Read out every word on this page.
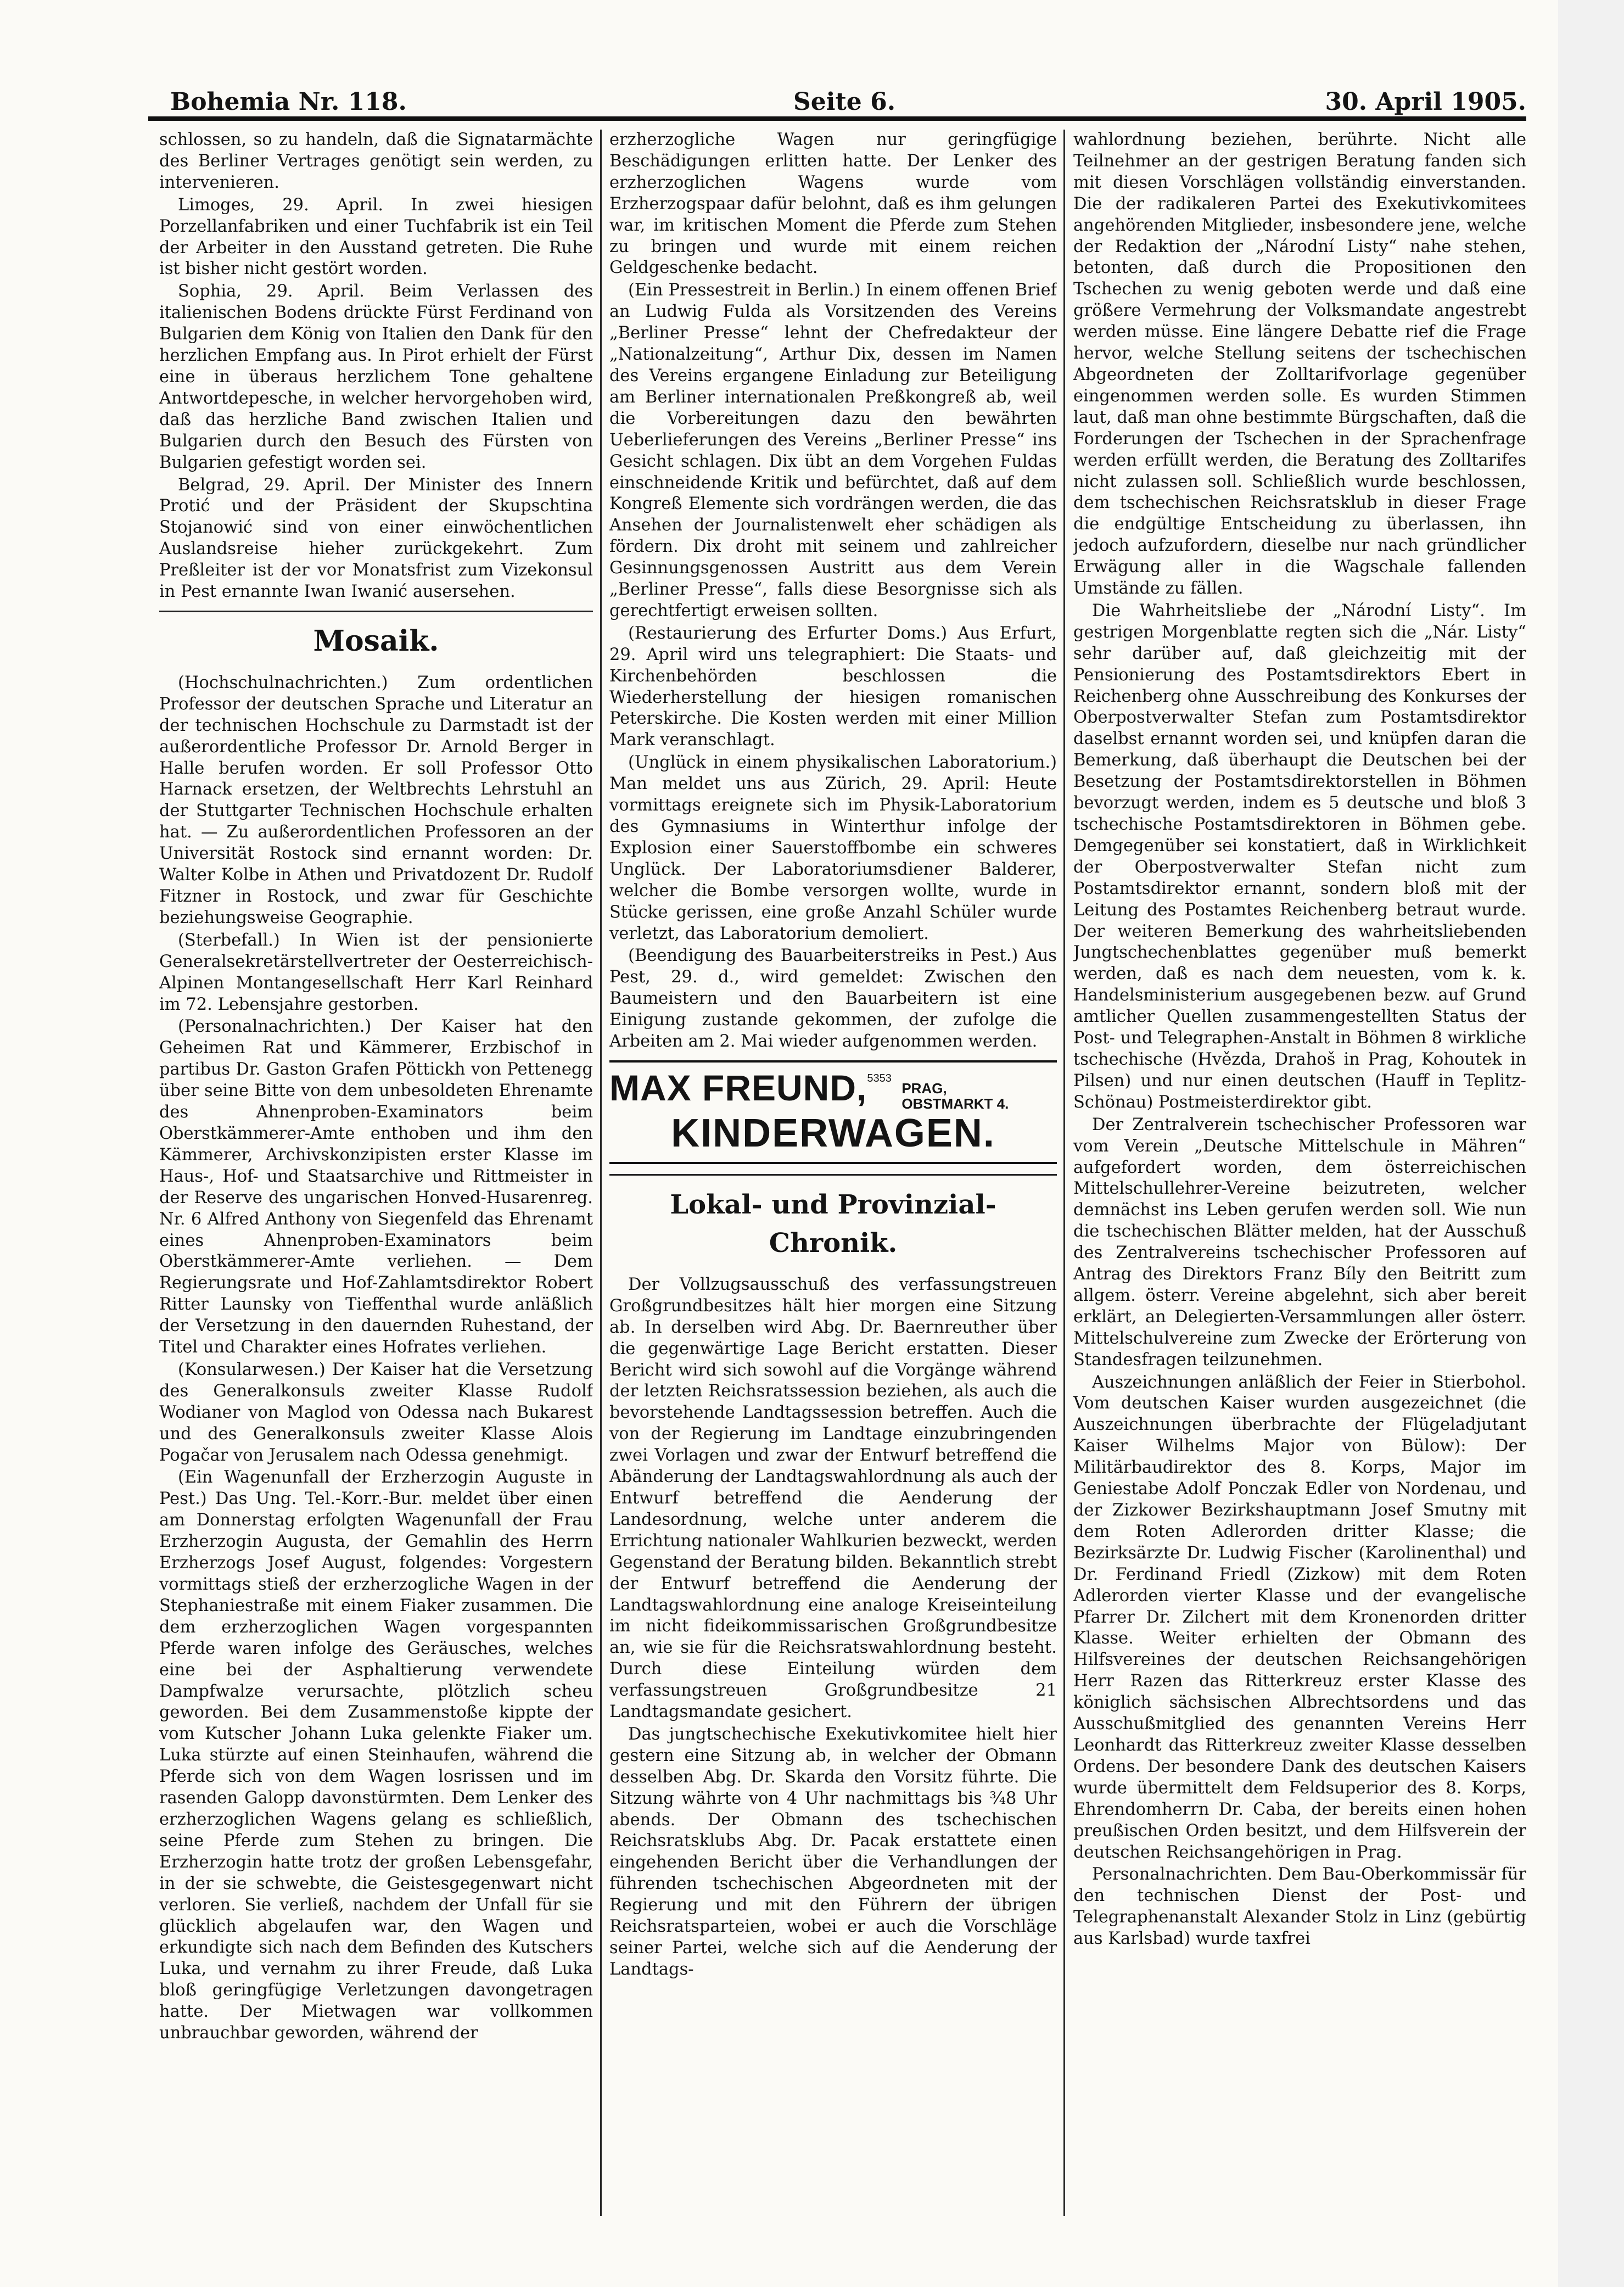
Bohemia Nr. 118.	Seite 6.	30. April 1905.

schlossen, so zu handeln, daß die Signatarmächte des Berliner Vertrages genötigt sein werden, zu intervenieren.

Limoges, 29. April. In zwei hiesigen Porzellanfabriken und einer Tuchfabrik ist ein Teil der Arbeiter in den Ausstand getreten. Die Ruhe ist bisher nicht gestört worden.

Sophia, 29. April. Beim Verlassen des italienischen Bodens drückte Fürst Ferdinand von Bulgarien dem König von Italien den Dank für den herzlichen Empfang aus. In Pirot erhielt der Fürst eine in überaus herzlichem Tone gehaltene Antwortdepesche, in welcher hervorgehoben wird, daß das herzliche Band zwischen Italien und Bulgarien durch den Besuch des Fürsten von Bulgarien gefestigt worden sei.

Belgrad, 29. April. Der Minister des Innern Protić und der Präsident der Skupschtina Stojanowić sind von einer einwöchentlichen Auslandsreise hieher zurückgekehrt. Zum Preßleiter ist der vor Monatsfrist zum Vizekonsul in Pest ernannte Iwan Iwanić ausersehen.

Mosaik.

(Hochschulnachrichten.) Zum ordentlichen Professor der deutschen Sprache und Literatur an der technischen Hochschule zu Darmstadt ist der außerordentliche Professor Dr. Arnold Berger in Halle berufen worden. Er soll Professor Otto Harnack ersetzen, der Weltbrechts Lehrstuhl an der Stuttgarter Technischen Hochschule erhalten hat. — Zu außerordentlichen Professoren an der Universität Rostock sind ernannt worden: Dr. Walter Kolbe in Athen und Privatdozent Dr. Rudolf Fitzner in Rostock, und zwar für Geschichte beziehungsweise Geographie.

(Sterbefall.) In Wien ist der pensionierte Generalsekretärstellvertreter der Oesterreichisch-Alpinen Montangesellschaft Herr Karl Reinhard im 72. Lebensjahre gestorben.

(Personalnachrichten.) Der Kaiser hat den Geheimen Rat und Kämmerer, Erzbischof in partibus Dr. Gaston Grafen Pöttickh von Pettenegg über seine Bitte von dem unbesoldeten Ehrenamte des Ahnenproben-Examinators beim Oberstkämmerer-Amte enthoben und ihm den Kämmerer, Archivskonzipisten erster Klasse im Haus-, Hof- und Staatsarchive und Rittmeister in der Reserve des ungarischen Honved-Husarenreg. Nr. 6 Alfred Anthony von Siegenfeld das Ehrenamt eines Ahnenproben-Examinators beim Oberstkämmerer-Amte verliehen. — Dem Regierungsrate und Hof-Zahlamtsdirektor Robert Ritter Launsky von Tieffenthal wurde anläßlich der Versetzung in den dauernden Ruhestand, der Titel und Charakter eines Hofrates verliehen.

(Konsularwesen.) Der Kaiser hat die Versetzung des Generalkonsuls zweiter Klasse Rudolf Wodianer von Maglod von Odessa nach Bukarest und des Generalkonsuls zweiter Klasse Alois Pogačar von Jerusalem nach Odessa genehmigt.

(Ein Wagenunfall der Erzherzogin Auguste in Pest.) Das Ung. Tel.-Korr.-Bur. meldet über einen am Donnerstag erfolgten Wagenunfall der Frau Erzherzogin Augusta, der Gemahlin des Herrn Erzherzogs Josef August, folgendes: Vorgestern vormittags stieß der erzherzogliche Wagen in der Stephaniestraße mit einem Fiaker zusammen. Die dem erzherzoglichen Wagen vorgespannten Pferde waren infolge des Geräusches, welches eine bei der Asphaltierung verwendete Dampfwalze verursachte, plötzlich scheu geworden. Bei dem Zusammenstoße kippte der vom Kutscher Johann Luka gelenkte Fiaker um. Luka stürzte auf einen Steinhaufen, während die Pferde sich von dem Wagen losrissen und im rasenden Galopp davonstürmten. Dem Lenker des erzherzoglichen Wagens gelang es schließlich, seine Pferde zum Stehen zu bringen. Die Erzherzogin hatte trotz der großen Lebensgefahr, in der sie schwebte, die Geistesgegenwart nicht verloren. Sie verließ, nachdem der Unfall für sie glücklich abgelaufen war, den Wagen und erkundigte sich nach dem Befinden des Kutschers Luka, und vernahm zu ihrer Freude, daß Luka bloß geringfügige Verletzungen davongetragen hatte. Der Mietwagen war vollkommen unbrauchbar geworden, während der

erzherzogliche Wagen nur geringfügige Beschädigungen erlitten hatte. Der Lenker des erzherzoglichen Wagens wurde vom Erzherzogspaar dafür belohnt, daß es ihm gelungen war, im kritischen Moment die Pferde zum Stehen zu bringen und wurde mit einem reichen Geldgeschenke bedacht.

(Ein Pressestreit in Berlin.) In einem offenen Brief an Ludwig Fulda als Vorsitzenden des Vereins „Berliner Presse“ lehnt der Chefredakteur der „Nationalzeitung“, Arthur Dix, dessen im Namen des Vereins ergangene Einladung zur Beteiligung am Berliner internationalen Preßkongreß ab, weil die Vorbereitungen dazu den bewährten Ueberlieferungen des Vereins „Berliner Presse“ ins Gesicht schlagen. Dix übt an dem Vorgehen Fuldas einschneidende Kritik und befürchtet, daß auf dem Kongreß Elemente sich vordrängen werden, die das Ansehen der Journalistenwelt eher schädigen als fördern. Dix droht mit seinem und zahlreicher Gesinnungsgenossen Austritt aus dem Verein „Berliner Presse“, falls diese Besorgnisse sich als gerechtfertigt erweisen sollten.

(Restaurierung des Erfurter Doms.) Aus Erfurt, 29. April wird uns telegraphiert: Die Staats- und Kirchenbehörden beschlossen die Wiederherstellung der hiesigen romanischen Peterskirche. Die Kosten werden mit einer Million Mark veranschlagt.

(Unglück in einem physikalischen Laboratorium.) Man meldet uns aus Zürich, 29. April: Heute vormittags ereignete sich im Physik-Laboratorium des Gymnasiums in Winterthur infolge der Explosion einer Sauerstoffbombe ein schweres Unglück. Der Laboratoriumsdiener Balderer, welcher die Bombe versorgen wollte, wurde in Stücke gerissen, eine große Anzahl Schüler wurde verletzt, das Laboratorium demoliert.

(Beendigung des Bauarbeiterstreiks in Pest.) Aus Pest, 29. d., wird gemeldet: Zwischen den Baumeistern und den Bauarbeitern ist eine Einigung zustande gekommen, der zufolge die Arbeiten am 2. Mai wieder aufgenommen werden.

MAX FREUND,$^{5353}$ PRAG,
OBSTMARKT 4.
KINDERWAGEN.
Lokal- und Provinzial-Chronik.

Der Vollzugsausschuß des verfassungstreuen Großgrundbesitzes hält hier morgen eine Sitzung ab. In derselben wird Abg. Dr. Baernreuther über die gegenwärtige Lage Bericht erstatten. Dieser Bericht wird sich sowohl auf die Vorgänge während der letzten Reichsratssession beziehen, als auch die bevorstehende Landtagssession betreffen. Auch die von der Regierung im Landtage einzubringenden zwei Vorlagen und zwar der Entwurf betreffend die Abänderung der Landtagswahlordnung als auch der Entwurf betreffend die Aenderung der Landesordnung, welche unter anderem die Errichtung nationaler Wahlkurien bezweckt, werden Gegenstand der Beratung bilden. Bekanntlich strebt der Entwurf betreffend die Aenderung der Landtagswahlordnung eine analoge Kreiseinteilung im nicht fideikommissarischen Großgrundbesitze an, wie sie für die Reichsratswahlordnung besteht. Durch diese Einteilung würden dem verfassungstreuen Großgrundbesitze 21 Landtagsmandate gesichert.

Das jungtschechische Exekutivkomitee hielt hier gestern eine Sitzung ab, in welcher der Obmann desselben Abg. Dr. Skarda den Vorsitz führte. Die Sitzung währte von 4 Uhr nachmittags bis ¾8 Uhr abends. Der Obmann des tschechischen Reichsratsklubs Abg. Dr. Pacak erstattete einen eingehenden Bericht über die Verhandlungen der führenden tschechischen Abgeordneten mit der Regierung und mit den Führern der übrigen Reichsratsparteien, wobei er auch die Vorschläge seiner Partei, welche sich auf die Aenderung der Landtags-

wahlordnung beziehen, berührte. Nicht alle Teilnehmer an der gestrigen Beratung fanden sich mit diesen Vorschlägen vollständig einverstanden. Die der radikaleren Partei des Exekutivkomitees angehörenden Mitglieder, insbesondere jene, welche der Redaktion der „Národní Listy“ nahe stehen, betonten, daß durch die Propositionen den Tschechen zu wenig geboten werde und daß eine größere Vermehrung der Volksmandate angestrebt werden müsse. Eine längere Debatte rief die Frage hervor, welche Stellung seitens der tschechischen Abgeordneten der Zolltarifvorlage gegenüber eingenommen werden solle. Es wurden Stimmen laut, daß man ohne bestimmte Bürgschaften, daß die Forderungen der Tschechen in der Sprachenfrage werden erfüllt werden, die Beratung des Zolltarifes nicht zulassen soll. Schließlich wurde beschlossen, dem tschechischen Reichsratsklub in dieser Frage die endgültige Entscheidung zu überlassen, ihn jedoch aufzufordern, dieselbe nur nach gründlicher Erwägung aller in die Wagschale fallenden Umstände zu fällen.

Die Wahrheitsliebe der „Národní Listy“. Im gestrigen Morgenblatte regten sich die „Nár. Listy“ sehr darüber auf, daß gleichzeitig mit der Pensionierung des Postamtsdirektors Ebert in Reichenberg ohne Ausschreibung des Konkurses der Oberpostverwalter Stefan zum Postamtsdirektor daselbst ernannt worden sei, und knüpfen daran die Bemerkung, daß überhaupt die Deutschen bei der Besetzung der Postamtsdirektorstellen in Böhmen bevorzugt werden, indem es 5 deutsche und bloß 3 tschechische Postamtsdirektoren in Böhmen gebe. Demgegenüber sei konstatiert, daß in Wirklichkeit der Oberpostverwalter Stefan nicht zum Postamtsdirektor ernannt, sondern bloß mit der Leitung des Postamtes Reichenberg betraut wurde. Der weiteren Bemerkung des wahrheitsliebenden Jungtschechenblattes gegenüber muß bemerkt werden, daß es nach dem neuesten, vom k. k. Handelsministerium ausgegebenen bezw. auf Grund amtlicher Quellen zusammengestellten Status der Post- und Telegraphen-Anstalt in Böhmen 8 wirkliche tschechische (Hvězda, Drahoš in Prag, Kohoutek in Pilsen) und nur einen deutschen (Hauff in Teplitz-Schönau) Postmeisterdirektor gibt.

Der Zentralverein tschechischer Professoren war vom Verein „Deutsche Mittelschule in Mähren“ aufgefordert worden, dem österreichischen Mittelschullehrer-Vereine beizutreten, welcher demnächst ins Leben gerufen werden soll. Wie nun die tschechischen Blätter melden, hat der Ausschuß des Zentralvereins tschechischer Professoren auf Antrag des Direktors Franz Bíly den Beitritt zum allgem. österr. Vereine abgelehnt, sich aber bereit erklärt, an Delegierten-Versammlungen aller österr. Mittelschulvereine zum Zwecke der Erörterung von Standesfragen teilzunehmen.

Auszeichnungen anläßlich der Feier in Stierbohol. Vom deutschen Kaiser wurden ausgezeichnet (die Auszeichnungen überbrachte der Flügeladjutant Kaiser Wilhelms Major von Bülow): Der Militärbaudirektor des 8. Korps, Major im Geniestabe Adolf Ponczak Edler von Nordenau, und der Zizkower Bezirkshauptmann Josef Smutny mit dem Roten Adlerorden dritter Klasse; die Bezirksärzte Dr. Ludwig Fischer (Karolinenthal) und Dr. Ferdinand Friedl (Zizkow) mit dem Roten Adlerorden vierter Klasse und der evangelische Pfarrer Dr. Zilchert mit dem Kronenorden dritter Klasse. Weiter erhielten der Obmann des Hilfsvereines der deutschen Reichsangehörigen Herr Razen das Ritterkreuz erster Klasse des königlich sächsischen Albrechtsordens und das Ausschußmitglied des genannten Vereins Herr Leonhardt das Ritterkreuz zweiter Klasse desselben Ordens. Der besondere Dank des deutschen Kaisers wurde übermittelt dem Feldsuperior des 8. Korps, Ehrendomherrn Dr. Caba, der bereits einen hohen preußischen Orden besitzt, und dem Hilfsverein der deutschen Reichsangehörigen in Prag.

Personalnachrichten. Dem Bau-Oberkommissär für den technischen Dienst der Post- und Telegraphenanstalt Alexander Stolz in Linz (gebürtig aus Karlsbad) wurde taxfrei
